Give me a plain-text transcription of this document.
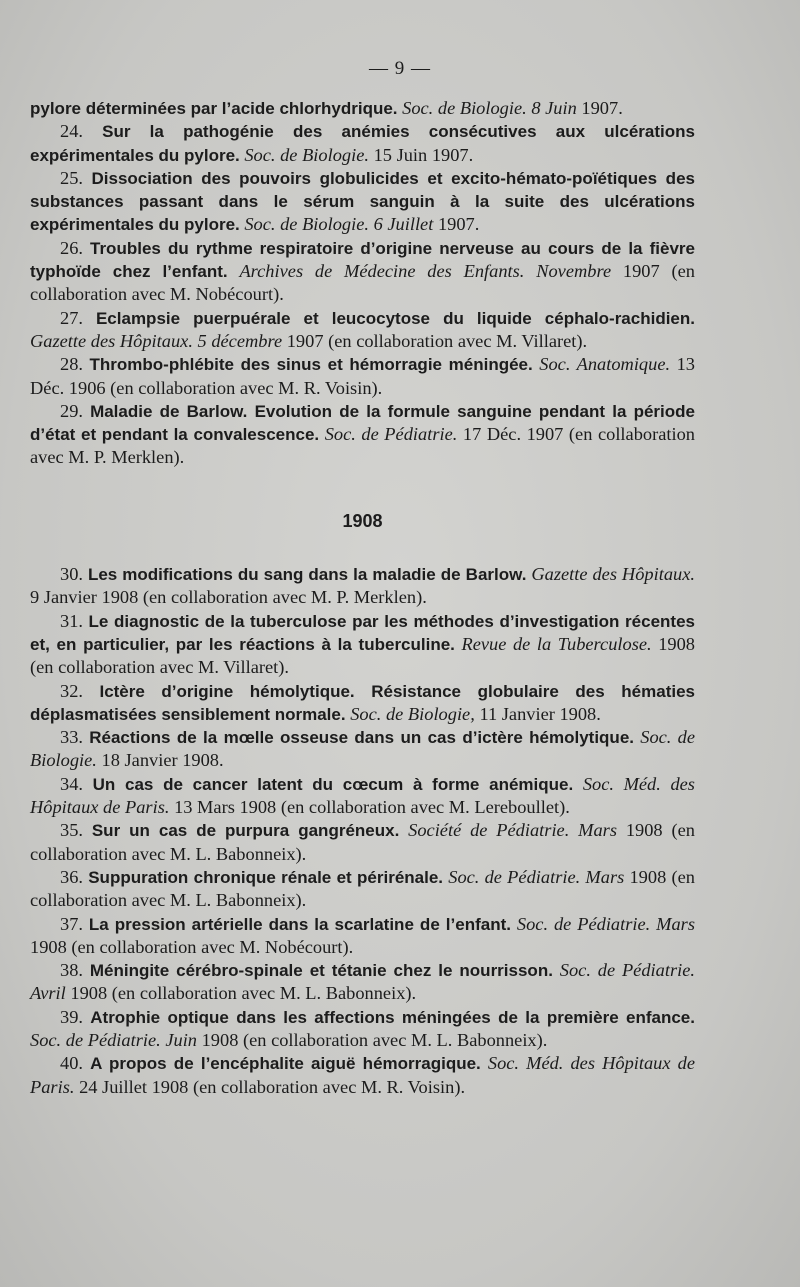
— 9 —

pylore déterminées par l’acide chlorhydrique. Soc. de Biologie. 8 Juin 1907.

24. Sur la pathogénie des anémies consécutives aux ulcérations expérimentales du pylore. Soc. de Biologie. 15 Juin 1907.

25. Dissociation des pouvoirs globulicides et excito-hémato-poïétiques des substances passant dans le sérum sanguin à la suite des ulcérations expérimentales du pylore. Soc. de Biologie. 6 Juillet 1907.

26. Troubles du rythme respiratoire d’origine nerveuse au cours de la fièvre typhoïde chez l’enfant. Archives de Médecine des Enfants. Novembre 1907 (en collaboration avec M. Nobécourt).

27. Eclampsie puerpuérale et leucocytose du liquide céphalo-rachidien. Gazette des Hôpitaux. 5 décembre 1907 (en collaboration avec M. Villaret).

28. Thrombo-phlébite des sinus et hémorragie méningée. Soc. Anatomique. 13 Déc. 1906 (en collaboration avec M. R. Voisin).

29. Maladie de Barlow. Evolution de la formule sanguine pendant la période d’état et pendant la convalescence. Soc. de Pédiatrie. 17 Déc. 1907 (en collaboration avec M. P. Merklen).

1908

30. Les modifications du sang dans la maladie de Barlow. Gazette des Hôpitaux. 9 Janvier 1908 (en collaboration avec M. P. Merklen).

31. Le diagnostic de la tuberculose par les méthodes d’investigation récentes et, en particulier, par les réactions à la tuberculine. Revue de la Tuberculose. 1908 (en collaboration avec M. Villaret).

32. Ictère d’origine hémolytique. Résistance globulaire des hématies déplasmatisées sensiblement normale. Soc. de Biologie, 11 Janvier 1908.

33. Réactions de la mœlle osseuse dans un cas d’ictère hémolytique. Soc. de Biologie. 18 Janvier 1908.

34. Un cas de cancer latent du cœcum à forme anémique. Soc. Méd. des Hôpitaux de Paris. 13 Mars 1908 (en collaboration avec M. Lereboullet).

35. Sur un cas de purpura gangréneux. Société de Pédiatrie. Mars 1908 (en collaboration avec M. L. Babonneix).

36. Suppuration chronique rénale et périrénale. Soc. de Pédiatrie. Mars 1908 (en collaboration avec M. L. Babonneix).

37. La pression artérielle dans la scarlatine de l’enfant. Soc. de Pédiatrie. Mars 1908 (en collaboration avec M. Nobécourt).

38. Méningite cérébro-spinale et tétanie chez le nourrisson. Soc. de Pédiatrie. Avril 1908 (en collaboration avec M. L. Babonneix).

39. Atrophie optique dans les affections méningées de la première enfance. Soc. de Pédiatrie. Juin 1908 (en collaboration avec M. L. Babonneix).

40. A propos de l’encéphalite aiguë hémorragique. Soc. Méd. des Hôpitaux de Paris. 24 Juillet 1908 (en collaboration avec M. R. Voisin).
